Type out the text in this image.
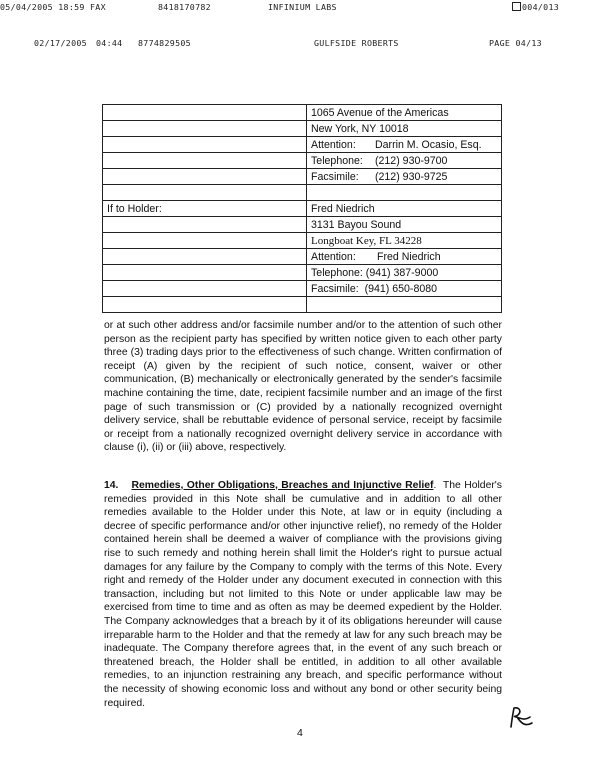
05/04/2005 18:59 FAX	8418170782	INFINIUM LABS	004/013
02/17/2005 04:44 8774829505	GULFSIDE ROBERTS	PAGE 04/13
	1065 Avenue of the Americas
	New York, NY 10018
	Attention: Darrin M. Ocasio, Esq.
	Telephone: (212) 930-9700
	Facsimile: (212) 930-9725

If to Holder:	Fred Niedrich
	3131 Bayou Sound
	Longboat Key, FL 34228
	Attention: Fred Niedrich
	Telephone: (941) 387-9000
	Facsimile: (941) 650-8080

or at such other address and/or facsimile number and/or to the attention of such other person as the recipient party has specified by written notice given to each other party three (3) trading days prior to the effectiveness of such change. Written confirmation of receipt (A) given by the recipient of such notice, consent, waiver or other communication, (B) mechanically or electronically generated by the sender's facsimile machine containing the time, date, recipient facsimile number and an image of the first page of such transmission or (C) provided by a nationally recognized overnight delivery service, shall be rebuttable evidence of personal service, receipt by facsimile or receipt from a nationally recognized overnight delivery service in accordance with clause (i), (ii) or (iii) above, respectively.
14. Remedies, Other Obligations, Breaches and Injunctive Relief. The Holder's remedies provided in this Note shall be cumulative and in addition to all other remedies available to the Holder under this Note, at law or in equity (including a decree of specific performance and/or other injunctive relief), no remedy of the Holder contained herein shall be deemed a waiver of compliance with the provisions giving rise to such remedy and nothing herein shall limit the Holder's right to pursue actual damages for any failure by the Company to comply with the terms of this Note. Every right and remedy of the Holder under any document executed in connection with this transaction, including but not limited to this Note or under applicable law may be exercised from time to time and as often as may be deemed expedient by the Holder. The Company acknowledges that a breach by it of its obligations hereunder will cause irreparable harm to the Holder and that the remedy at law for any such breach may be inadequate. The Company therefore agrees that, in the event of any such breach or threatened breach, the Holder shall be entitled, in addition to all other available remedies, to an injunction restraining any breach, and specific performance without the necessity of showing economic loss and without any bond or other security being required.
4
